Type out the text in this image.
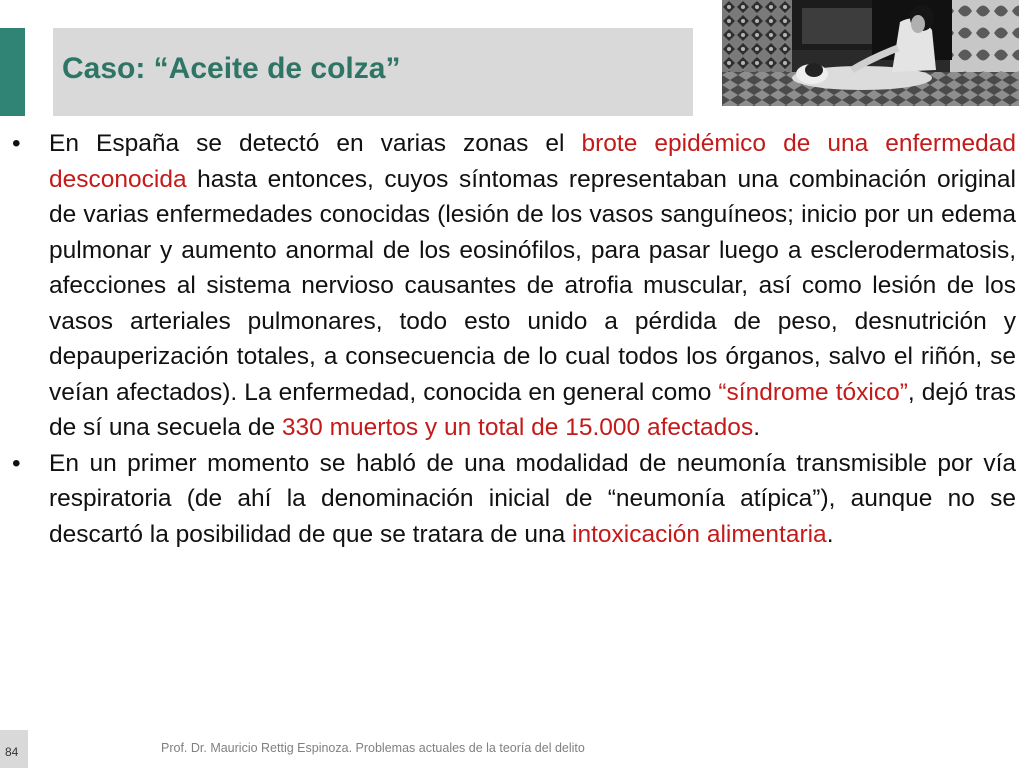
Caso: “Aceite de colza”

• En España se detectó en varias zonas el brote epidémico de una enfermedad desconocida hasta entonces, cuyos síntomas representaban una combinación original de varias enfermedades conocidas (lesión de los vasos sanguíneos; inicio por un edema pulmonar y aumento anormal de los eosinófilos, para pasar luego a esclerodermatosis, afecciones al sistema nervioso causantes de atrofia muscular, así como lesión de los vasos arteriales pulmonares, todo esto unido a pérdida de peso, desnutrición y depauperización totales, a consecuencia de lo cual todos los órganos, salvo el riñón, se veían afectados). La enfermedad, conocida en general como “síndrome tóxico”, dejó tras de sí una secuela de 330 muertos y un total de 15.000 afectados.

• En un primer momento se habló de una modalidad de neumonía transmisible por vía respiratoria (de ahí la denominación inicial de “neumonía atípica”), aunque no se descartó la posibilidad de que se tratara de una intoxicación alimentaria.

84	Prof. Dr. Mauricio Rettig Espinoza. Problemas actuales de la teoría del delito
